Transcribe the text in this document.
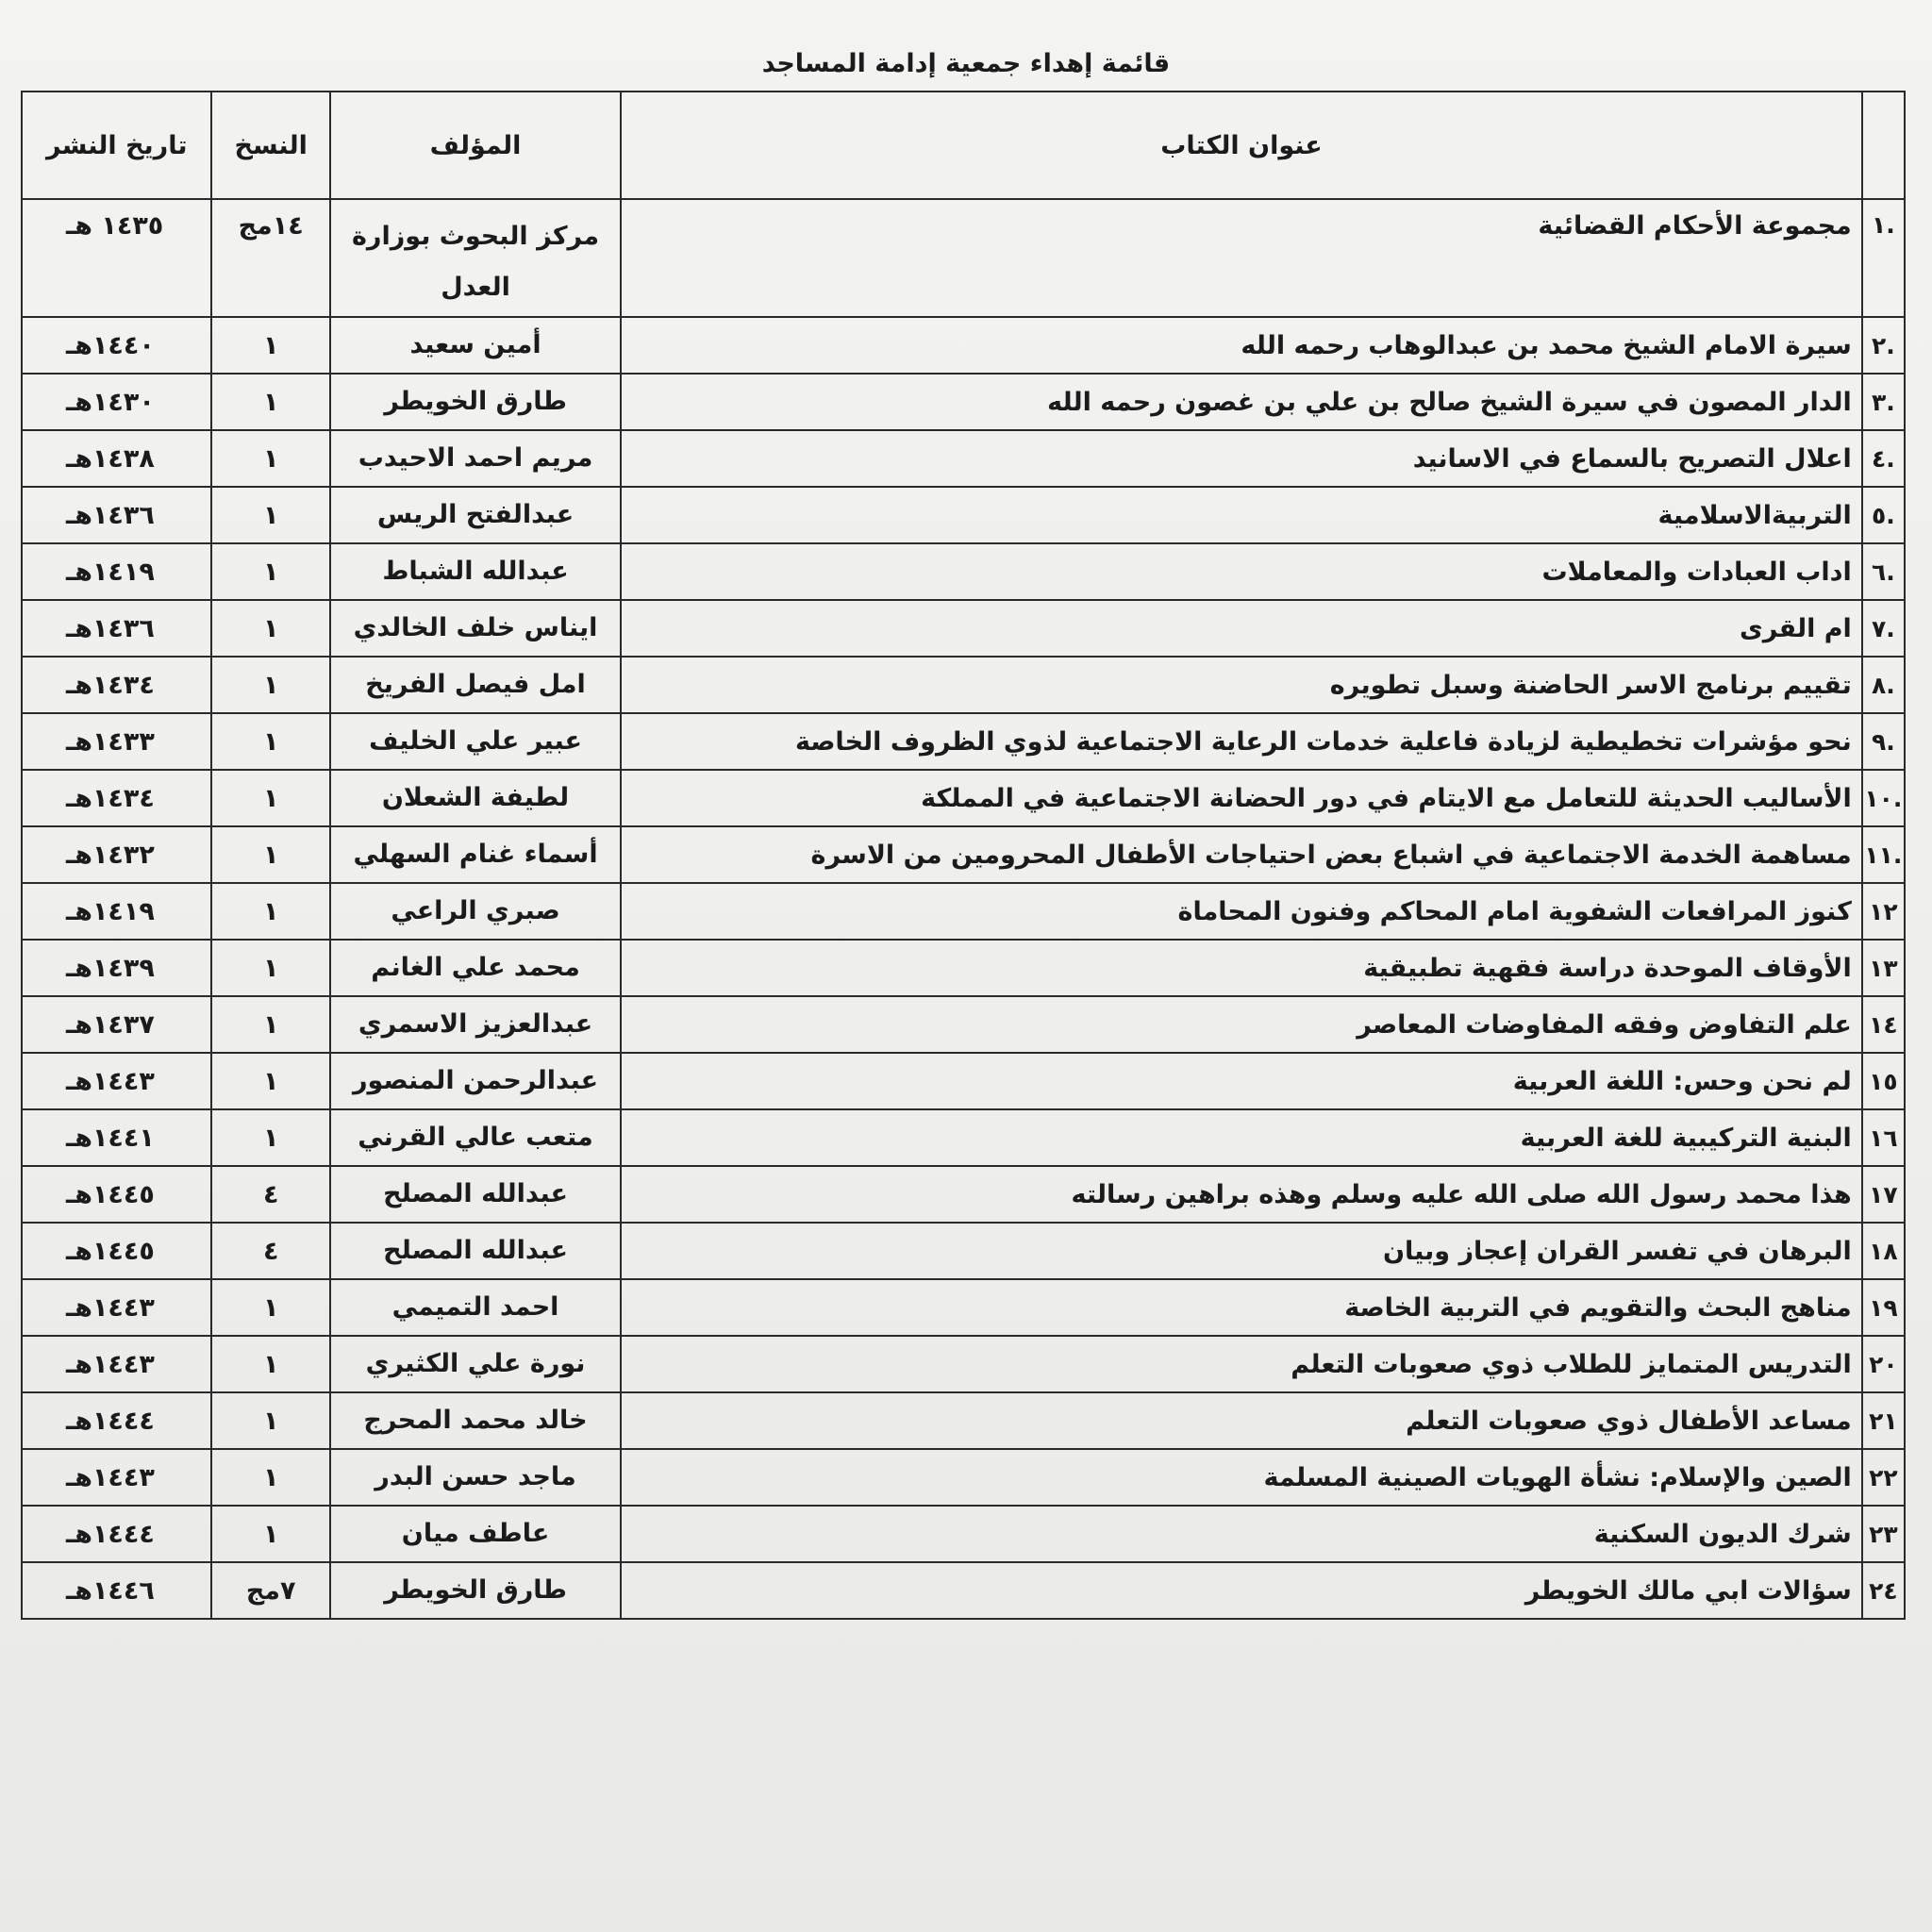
قائمة إهداء جمعية إدامة المساجد
	عنوان الكتاب	المؤلف	النسخ	تاريخ النشر
.١	مجموعة الأحكام القضائية	مركز البحوث بوزارة العدل	١٤مج	١٤٣٥ هـ
.٢	سيرة الامام الشيخ محمد بن عبدالوهاب رحمه الله	أمين سعيد	١	١٤٤٠هـ
.٣	الدار المصون في سيرة الشيخ صالح بن علي بن غصون رحمه الله	طارق الخويطر	١	١٤٣٠هـ
.٤	اعلال التصريح بالسماع في الاسانيد	مريم احمد الاحيدب	١	١٤٣٨هـ
.٥	التربيةالاسلامية	عبدالفتح الريس	١	١٤٣٦هـ
.٦	اداب العبادات والمعاملات	عبدالله الشباط	١	١٤١٩هـ
.٧	ام القرى	ايناس خلف الخالدي	١	١٤٣٦هـ
.٨	تقييم برنامج الاسر الحاضنة وسبل تطويره	امل فيصل الفريخ	١	١٤٣٤هـ
.٩	نحو مؤشرات تخطيطية لزيادة فاعلية خدمات الرعاية الاجتماعية لذوي الظروف الخاصة	عبير علي الخليف	١	١٤٣٣هـ
.١٠	الأساليب الحديثة للتعامل مع الايتام في دور الحضانة الاجتماعية في المملكة	لطيفة الشعلان	١	١٤٣٤هـ
.١١	مساهمة الخدمة الاجتماعية في اشباع بعض احتياجات الأطفال المحرومين من الاسرة	أسماء غنام السهلي	١	١٤٣٢هـ
١٢	كنوز المرافعات الشفوية امام المحاكم وفنون المحاماة	صبري الراعي	١	١٤١٩هـ
١٣	الأوقاف الموحدة دراسة فقهية تطبيقية	محمد علي الغانم	١	١٤٣٩هـ
١٤	علم التفاوض وفقه المفاوضات المعاصر	عبدالعزيز الاسمري	١	١٤٣٧هـ
١٥	لم نحن وحس: اللغة العربية	عبدالرحمن المنصور	١	١٤٤٣هـ
١٦	البنية التركيبية للغة العربية	متعب عالي القرني	١	١٤٤١هـ
١٧	هذا محمد رسول الله صلى الله عليه وسلم وهذه براهين رسالته	عبدالله المصلح	٤	١٤٤٥هـ
١٨	البرهان في تفسر القران إعجاز وبيان	عبدالله المصلح	٤	١٤٤٥هـ
١٩	مناهج البحث والتقويم في التربية الخاصة	احمد التميمي	١	١٤٤٣هـ
٢٠	التدريس المتمايز للطلاب ذوي صعوبات التعلم	نورة علي الكثيري	١	١٤٤٣هـ
٢١	مساعد الأطفال ذوي صعوبات التعلم	خالد محمد المحرج	١	١٤٤٤هـ
٢٢	الصين والإسلام: نشأة الهويات الصينية المسلمة	ماجد حسن البدر	١	١٤٤٣هـ
٢٣	شرك الديون السكنية	عاطف ميان	١	١٤٤٤هـ
٢٤	سؤالات ابي مالك الخويطر	طارق الخويطر	٧مج	١٤٤٦هـ
